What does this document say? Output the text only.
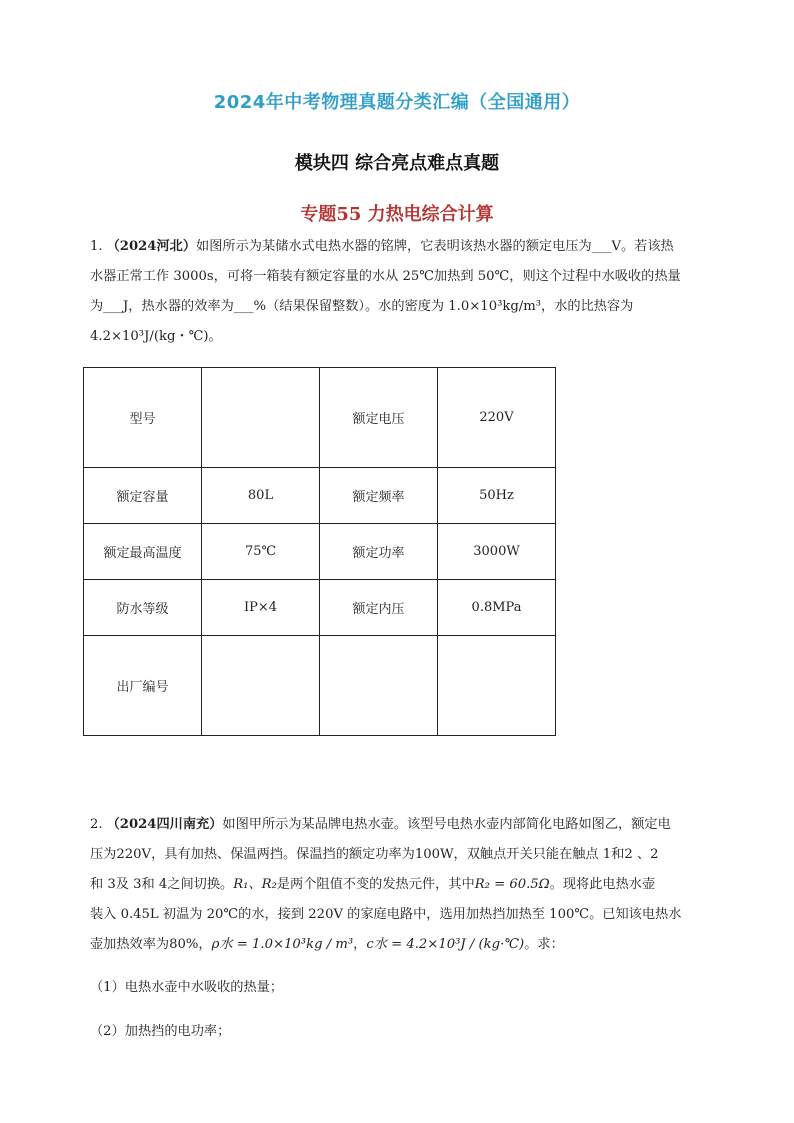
2024年中考物理真题分类汇编（全国通用）
模块四 综合亮点难点真题
专题55 力热电综合计算
1. （2024河北）如图所示为某储水式电热水器的铭牌，它表明该热水器的额定电压为___V。若该热
水器正常工作 3000s，可将一箱装有额定容量的水从 25℃加热到 50℃，则这个过程中水吸收的热量
为___J，热水器的效率为___%（结果保留整数）。水的密度为 1.0×10³kg/m³，水的比热容为
4.2×10³J/(kg・℃)。
型号		额定电压	220V
额定容量	80L	额定频率	50Hz
额定最高温度	75℃	额定功率	3000W
防水等级	IP×4	额定内压	0.8MPa
出厂编号			
2. （2024四川南充）如图甲所示为某品牌电热水壶。该型号电热水壶内部简化电路如图乙，额定电
压为220V，具有加热、保温两挡。保温挡的额定功率为100W，双触点开关只能在触点 1和2 、2
和 3及 3和 4之间切换。R₁、R₂是两个阻值不变的发热元件，其中R₂ = 60.5Ω。现将此电热水壶
装入 0.45L 初温为 20℃的水，接到 220V 的家庭电路中，选用加热挡加热至 100℃。已知该电热水
壶加热效率为80%，ρ水 = 1.0×10³kg / m³，c水 = 4.2×10³J / (kg·℃)。求：
（1）电热水壶中水吸收的热量；
（2）加热挡的电功率；
